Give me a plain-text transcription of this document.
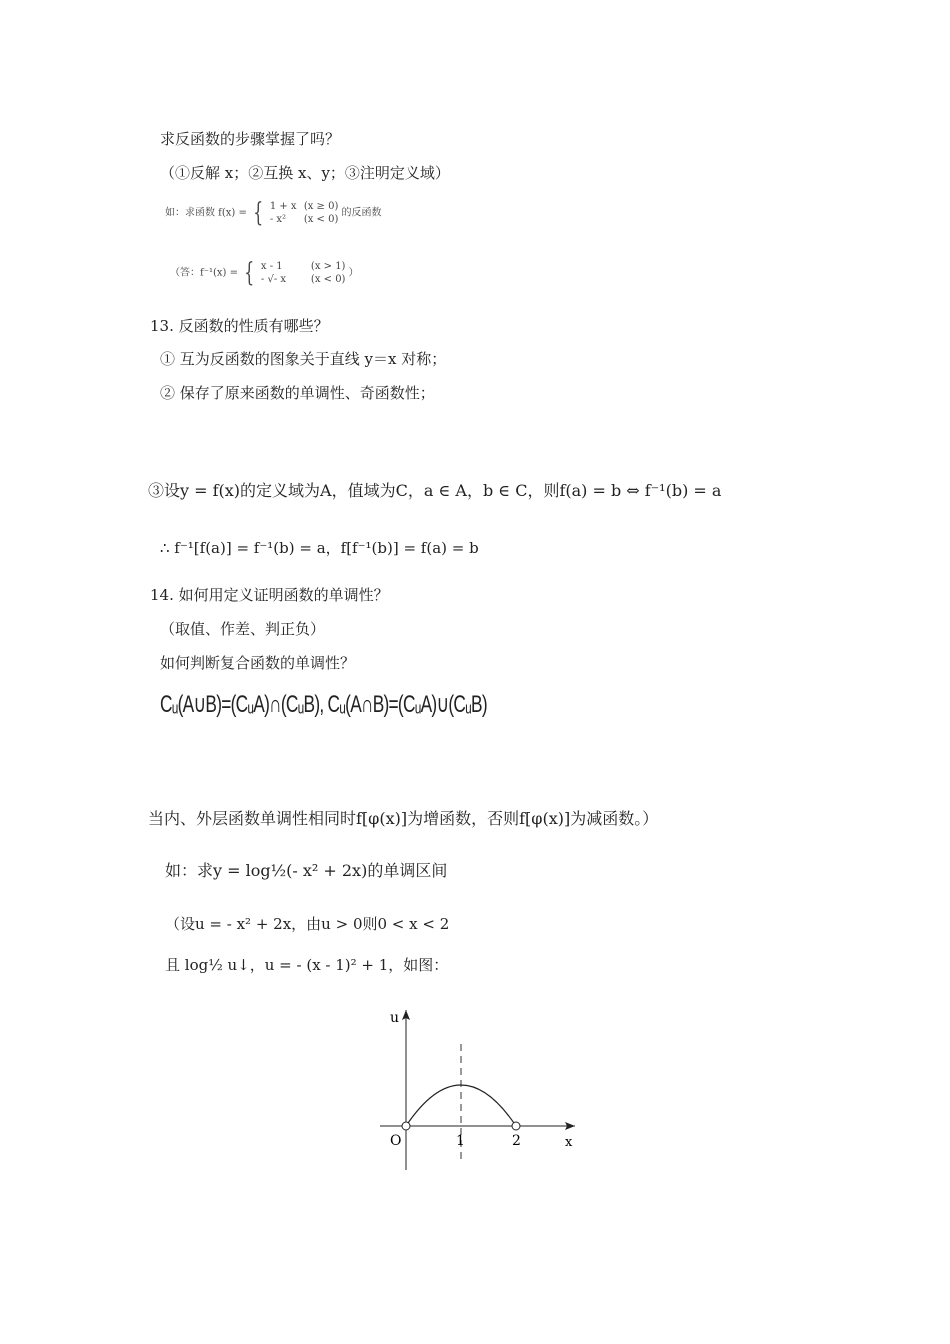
求反函数的步骤掌握了吗？
（①反解 x；②互换 x、y；③注明定义域）
如：求函数 f(x) = { 1 + x (x ≥ 0)
- x² (x < 0) 的反函数
（答：f⁻¹(x) = { x - 1	(x > 1)
- √- x (x < 0) ）
13. 反函数的性质有哪些？
① 互为反函数的图象关于直线 y＝x 对称；
② 保存了原来函数的单调性、奇函数性；
③设y = f(x)的定义域为A，值域为C，a ∈ A，b ∈ C，则f(a) = b ⇔ f⁻¹(b) = a
∴ f⁻¹[f(a)] = f⁻¹(b) = a，f[f⁻¹(b)] = f(a) = b
14. 如何用定义证明函数的单调性？
（取值、作差、判正负）
如何判断复合函数的单调性？
Cᵤ(A∪B)=(CᵤA)∩(CᵤB), Cᵤ(A∩B)=(CᵤA)∪(CᵤB)
当内、外层函数单调性相同时f[φ(x)]为增函数，否则f[φ(x)]为减函数。）
如：求y = log½(- x² + 2x)的单调区间
（设u = - x² + 2x，由u > 0则0 < x < 2
且 log½ u↓，u = - (x - 1)² + 1，如图：
u
x
O	1	2
